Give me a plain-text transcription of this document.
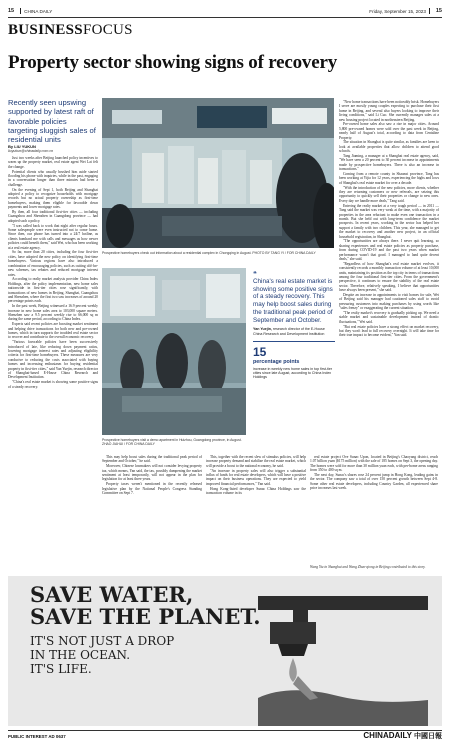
15 CHINA DAILY	Friday, September 15, 2023 15
BUSINESSFOCUS
Property sector showing signs of recovery
Recently seen upswing supported by latest raft of favorable policies targeting sluggish sales of residential units
By LIU YUKUN
liuyukun@chinadaily.com.cn

Just two weeks after Beijing launched policy incentives to warm up the property market, real estate agent Wei Lai felt the change.

Potential clients who usually brushed him aside started flooding his phone with inquiries, while in the past, engaging in a conversation longer than three minutes had been a challenge.

On the evening of Sept 1, both Beijing and Shanghai adopted a policy to recognize households with mortgage records but no actual property ownership as first-time homebuyers, making them eligible for favorable down payments and lower mortgage rates.

By then, all four traditional first-tier cities — including Guangzhou and Shenzhen in Guangdong province — had adopted such a policy.

"I was called back to work that night after regular hours. Some salespeople were even instructed not to come home. Since then, our phone has turned into a 24/7 hotline, as clients bombard me with calls and messages as how newer policies could benefit them," said Wei, who has been working at a real estate agency.

So far, more than 20 cities, including the four first-tier cities, have adopted the new policy on identifying first-time homebuyers. Various regions have also introduced a combination of encouraging policies, such as cutting old-for-new schemes, tax rebates and reduced mortgage interest rates.

According to realty market analysis provider China Index Holdings, after the policy implementation, new home sales nationwide in first-tier cities rose significantly, with transactions of new homes in Beijing, Shanghai, Guangzhou and Shenzhen, where the first two saw increases of around 20 percentage points each.

In the past week, Beijing witnessed a 16.9 percent weekly increase in new home sales area to 103,000 square meters. Shenzhen saw a 9.5 percent weekly rise to 66,000 sq m during the same period, according to China Index.

Experts said recent policies are boosting market sentiment and helping drive transactions for both new and pre-owned homes, which in turn supports the troubled real estate sector to recover and contribute to the overall economic recovery.

"Various favorable policies have been successively introduced of late, like reducing down payment ratios, lowering mortgage interest rates and adjusting eligibility criteria for first-time homebuyers. These measures are very conducive to reducing the costs associated with buying homes and increasing enthusiasm for buying residential property in first-tier cities," said Yan Yuejin, research director of Shanghai-based E-House China Research and Development Institution.

"China's real estate market is showing some positive signs of a steady recovery.

Prospective homebuyers check out information about a residential complex in Chongqing in August. PHOTO BY TANG YI / FOR CHINA DAILY
Prospective homebuyers visit a demo apartment in Huizhou, Guangdong province, in August. ZHAO JIAHUI / FOR CHINA DAILY
❝
China's real estate market is showing some positive signs of a steady recovery. This may help boost sales during the traditional peak period of September and October.
Yan Yuejin, research director of the E-House China Research and Development Institution
15
percentage points
increase in weekly new home sales in top first-tier cities since late August, according to China Index Holdings

This may help boost sales during the traditional peak period of September and October," he said.

Moreover, Chinese lawmakers will not consider levying property tax, which means, Yan said, the tax, possibly dampening the market sentiment at least temporarily, will not appear in the plan for legislation for at least three years.

Property taxes weren't mentioned in the recently released legislative plan by the National People's Congress Standing Committee on Sept 7.

This, together with the recent slew of stimulus policies, will help increase property demand and stabilize the real estate market, which will provide a boost to the national economy, he said.

"An increase in property sales will also trigger a substantial influx of funds for real estate developers, which will have a positive impact on their business operations. They are expected to yield improved financial performances," Yan said.

Hong Kong-listed developer Sunac China Holdings saw the transaction volume in its

real estate project Ove Sunac Upon, located in Beijing's Chaoyang district, reach 1.07 billion yuan ($175 million) with the sale of 185 homes on Sept 3, the opening day. The homes were sold for more than 30 million yuan each, with per-home areas ranging from 350 to 400 sq m.

The next day, Sunac's shares rose 24 percent jump in Hong Kong, leading gains in the sector. The company saw a total of over 150 percent growth between Sept 4-8. Some other real estate developers, including Country Garden, all experienced share price increases last week.

"New home transactions have been noticeably brisk. Homebuyers I serve are mostly young couples expecting to purchase their first home in Beijing, and several also buyers looking to improve their living conditions," said Li Cuo. She currently manages sales at a new housing project located in northeastern Beijing.

Pre-owned home sales also saw a rise in major cities. Around 5,800 pre-owned homes were sold over the past week in Beijing, nearly half of August's total, according to data from Centaline Property.

The situation in Shanghai is quite similar, as families are keen to look at available properties that allow children to attend good schools.

Tang Jiaming, a manager at a Shanghai real estate agency, said, "We have seen a 20 percent to 30 percent increase in appointments made by prospective homebuyers. There is also an increase in transactions."

Coming from a remote county in Shaanxi province, Tang has been working at Yijia for 12 years, experiencing the highs and lows of Shanghai's real estate market for over a decade.

"With the introduction of the new policies, more clients, whether they are returning customers or new referrals, are seizing this opportunity to quickly sell their properties or change to new ones. Every day we handle more deals," Tang said.

Entering the realty market at a very tough period — in 2011 — Tang said the market was very weak at the time, with a majority of properties in the area reluctant to make even one transaction in a month. But she held out with long-term confidence the market prospects. In recent years, working in the sector has helped her support a family with two children. This year, she managed to get the market to recovery and another new project, in an official household registration, in Shanghai.

"The opportunities are always there. I never quit learning, so sharing experiences and real estate policies as property purchase, from during COVID-19 and the past two years when market performance wasn't that good. I managed to land quite decent deals," she said.

"Regardless of how Shanghai's real estate market evolves, it consistently records a monthly transaction volume of at least 10,000 units, maintaining its position as the top city in terms of transactions among the four traditional first-tier cities. From the government's perspective, it continues to ensure the stability of the real estate sector. Therefore, relatively speaking, I believe that opportunities have always been present," she said.

Despite an increase in appointments to visit homes for sale, Wei of Beijing said his manager had cautioned sales staff to avoid pressuring customers into making purchases by using words like "sales frenzy" or exaggerating the current situation.

"The realty market's recovery is gradually picking up. We need a stable market and sustainable development instead of drastic fluctuations," Wei said.

"But real estate policies have a strong effect on market recovery, but they won't lead to full recovery overnight. It will take time for their true impact to become evident," Yan said.

Wang Yiu in Shanghai and Wang Zhuo-qiong in Beijing contributed to this story.
SAVE WATER,
SAVE THE PLANET.
IT'S NOT JUST A DROP
IN THE OCEAN.
IT'S LIFE.
PUBLIC INTEREST AD 0637	CHINADAILY 中國日報
